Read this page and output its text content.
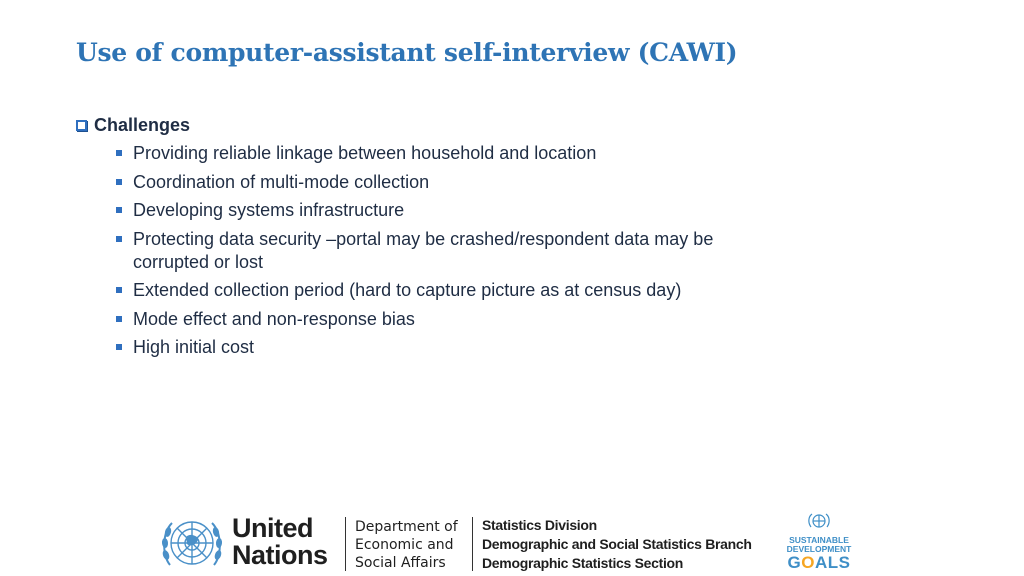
Use of computer-assistant self-interview (CAWI)
Challenges
Providing reliable linkage between household and location
Coordination of multi-mode collection
Developing systems infrastructure
Protecting data security –portal may be crashed/respondent data may be corrupted or lost
Extended collection period (hard to capture picture as at census day)
Mode effect and non-response bias
High initial cost
United
Nations
Department of
Economic and
Social Affairs
Statistics Division
Demographic and Social Statistics Branch
Demographic Statistics Section
SUSTAINABLE
DEVELOPMENT
GOALS
